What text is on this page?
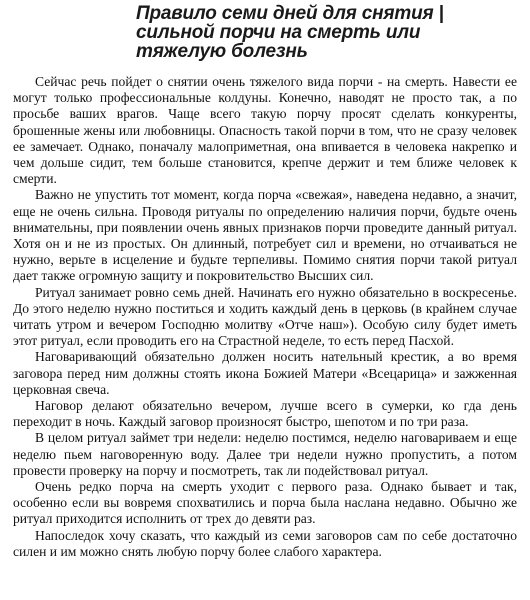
Правило семи дней для снятия |
сильной порчи на смерть или
тяжелую болезнь

Сейчас речь пойдет о снятии очень тяжелого вида порчи - на смерть. Навести ее могут только профессиональные колдуны. Конечно, наводят не просто так, а по просьбе ваших врагов. Чаще всего такую порчу просят сделать конкуренты, брошенные жены или любовницы. Опасность такой порчи в том, что не сразу человек ее замечает. Однако, поначалу малоприметная, она впивается в человека накрепко и чем дольше сидит, тем больше становится, крепче держит и тем ближе человек к смерти.

Важно не упустить тот момент, когда порча «свежая», наведена недавно, а значит, еще не очень сильна. Проводя ритуалы по определению наличия порчи, будьте очень внимательны, при появлении очень явных признаков порчи проведите данный ритуал. Хотя он и не из простых. Он длинный, потребует сил и времени, но отчаиваться не нужно, верьте в исцеление и будьте терпеливы. Помимо снятия порчи такой ритуал дает также огромную защиту и покровительство Высших сил.

Ритуал занимает ровно семь дней. Начинать его нужно обязательно в воскресенье. До этого неделю нужно поститься и ходить каждый день в церковь (в крайнем случае читать утром и вечером Господню молитву «Отче наш»). Особую силу будет иметь этот ритуал, если проводить его на Страстной неделе, то есть перед Пасхой.

Наговаривающий обязательно должен носить нательный крестик, а во время заговора перед ним должны стоять икона Божией Матери «Всецарица» и зажженная церковная свеча.

Наговор делают обязательно вечером, лучше всего в сумерки, ко гда день переходит в ночь. Каждый заговор произносят быстро, шепотом и по три раза.

В целом ритуал займет три недели: неделю постимся, неделю наговариваем и еще неделю пьем наговоренную воду. Далее три недели нужно пропустить, а потом провести проверку на порчу и посмотреть, так ли подействовал ритуал.

Очень редко порча на смерть уходит с первого раза. Однако бывает и так, особенно если вы вовремя спохватились и порча была наслана недавно. Обычно же ритуал приходится исполнить от трех до девяти раз.

Напоследок хочу сказать, что каждый из семи заговоров сам по себе достаточно силен и им можно снять любую порчу более слабого характера.
